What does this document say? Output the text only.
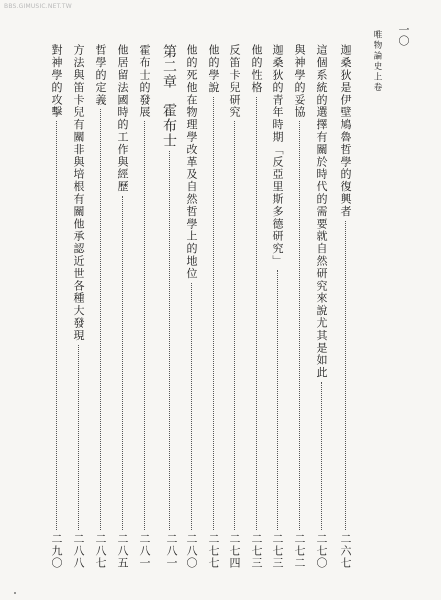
BBS.GIMUSIC.NET.TW
唯物論史上卷 一〇
迦桑狄是伊壁鳩魯哲學的復興者
二六七
這個系統的選擇有關於時代的需要就自然研究來說尤其是如此
二七〇
與神學的妥協
二七二
迦桑狄的青年時期「反亞里斯多德研究」
二七三
他的性格
二七三
反笛卡兒研究
二七四
他的學說
二七七
他的死他在物理學改革及自然哲學上的地位
二八〇
第二章霍布士
二八一
霍布士的發展
二八一
他居留法國時的工作與經歷
二八五
哲學的定義
二八七
方法與笛卡兒有關非與培根有關他承認近世各種大發現
二八八
對神學的攻擊
二九〇
